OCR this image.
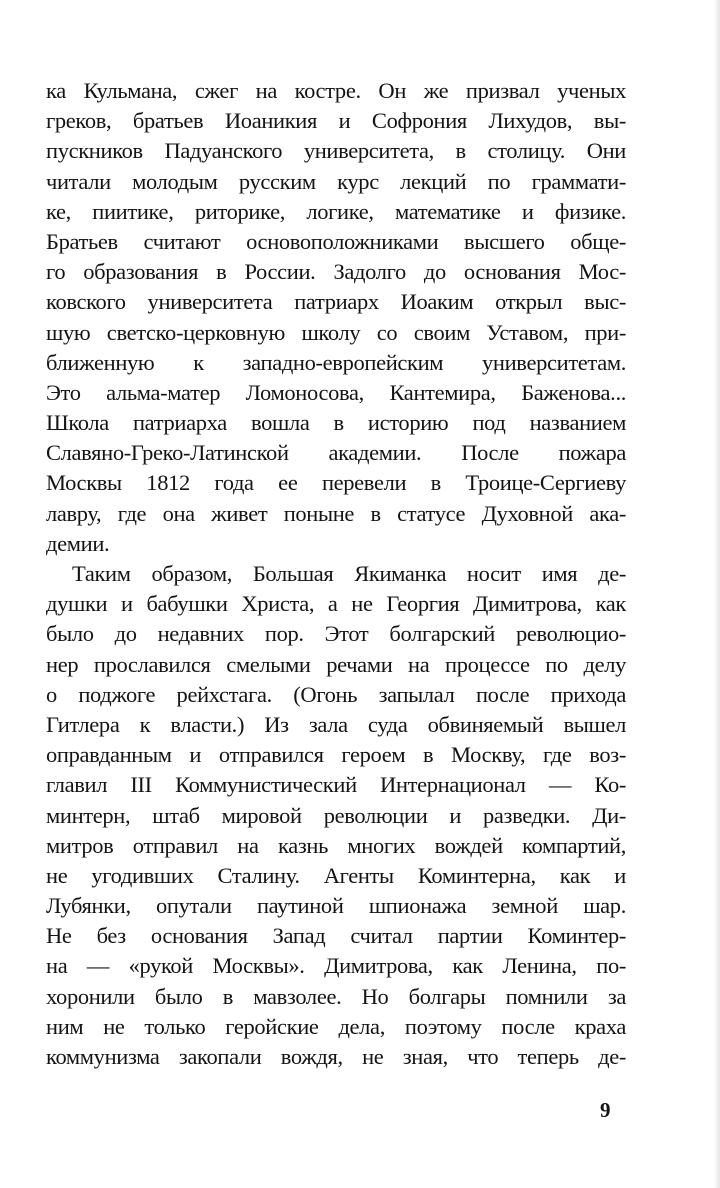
ка Кульмана, сжег на костре. Он же призвал ученых
греков, братьев Иоаникия и Софрония Лихудов, вы-
пускников Падуанского университета, в столицу. Они
читали молодым русским курс лекций по граммати-
ке, пиитике, риторике, логике, математике и физике.
Братьев считают основоположниками высшего обще-
го образования в России. Задолго до основания Мос-
ковского университета патриарх Иоаким открыл выс-
шую светско-церковную школу со своим Уставом, при-
ближенную к западно-европейским университетам.
Это альма-матер Ломоносова, Кантемира, Баженова...
Школа патриарха вошла в историю под названием
Славяно-Греко-Латинской академии. После пожара
Москвы 1812 года ее перевели в Троице-Сергиеву
лавру, где она живет поныне в статусе Духовной ака-
демии.
Таким образом, Большая Якиманка носит имя де-
душки и бабушки Христа, а не Георгия Димитрова, как
было до недавних пор. Этот болгарский революцио-
нер прославился смелыми речами на процессе по делу
о поджоге рейхстага. (Огонь запылал после прихода
Гитлера к власти.) Из зала суда обвиняемый вышел
оправданным и отправился героем в Москву, где воз-
главил III Коммунистический Интернационал — Ко-
минтерн, штаб мировой революции и разведки. Ди-
митров отправил на казнь многих вождей компартий,
не угодивших Сталину. Агенты Коминтерна, как и
Лубянки, опутали паутиной шпионажа земной шар.
Не без основания Запад считал партии Коминтер-
на — «рукой Москвы». Димитрова, как Ленина, по-
хоронили было в мавзолее. Но болгары помнили за
ним не только геройские дела, поэтому после краха
коммунизма закопали вождя, не зная, что теперь де-
9
